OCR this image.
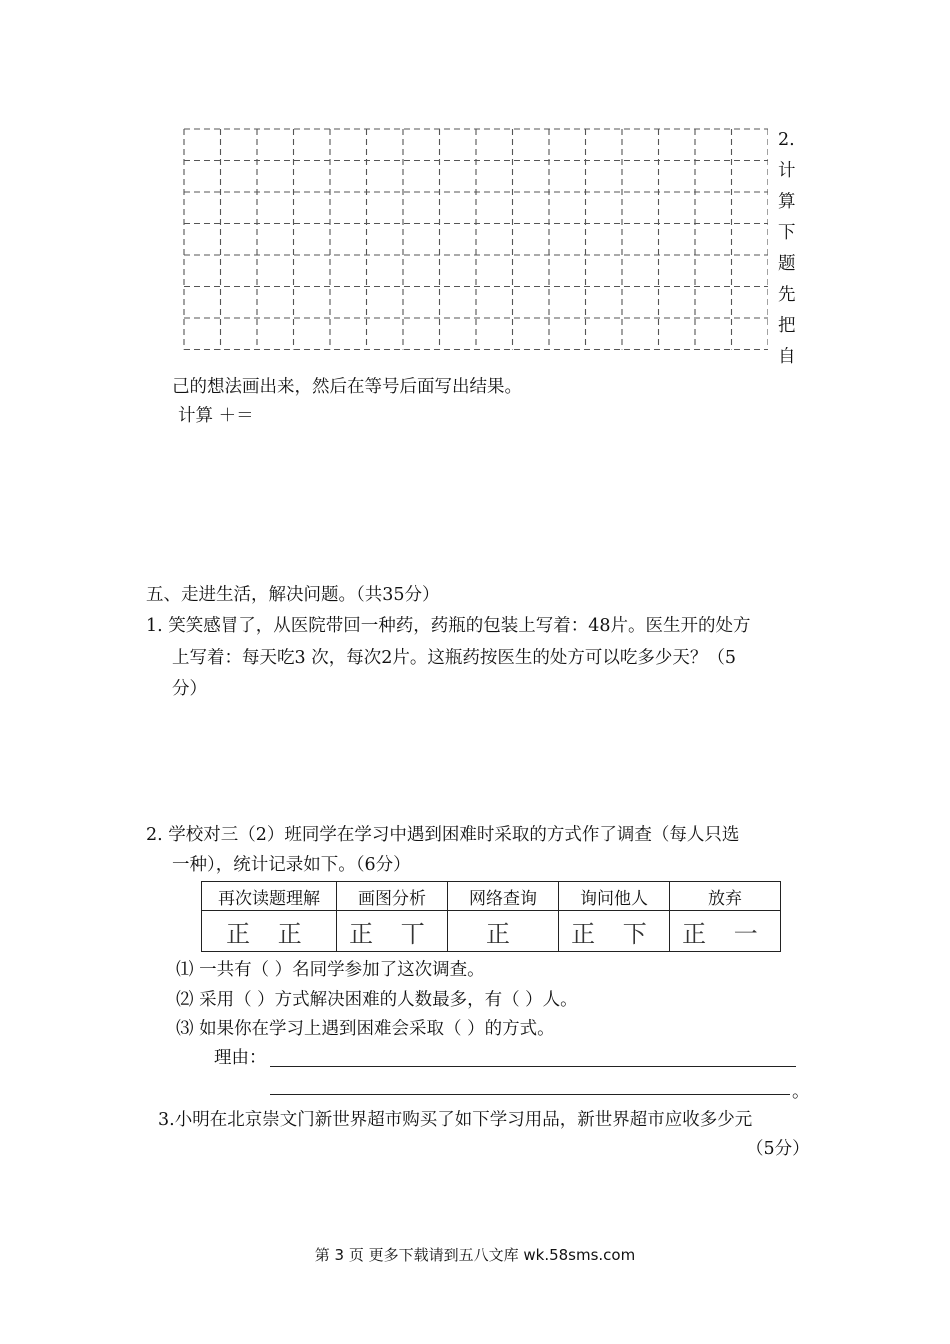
2.
计
算
下
题
先
把
自
己的想法画出来，然后在等号后面写出结果。
计算 ＋＝
五、走进生活，解决问题。（共35分）
1. 笑笑感冒了，从医院带回一种药，药瓶的包装上写着：48片。医生开的处方
上写着：每天吃3 次，每次2片。这瓶药按医生的处方可以吃多少天？（5
分）
2. 学校对三（2）班同学在学习中遇到困难时采取的方式作了调查（每人只选
一种），统计记录如下。（6分）
再次读题理解	画图分析	网络查询	询问他人	放弃
正 正	正 丅	正	正 下	正 一
⑴ 一共有（ ）名同学参加了这次调查。
⑵ 采用（ ）方式解决困难的人数最多，有（ ）人。
⑶ 如果你在学习上遇到困难会采取（ ）的方式。
理由：
。
3.小明在北京崇文门新世界超市购买了如下学习用品，新世界超市应收多少元
（5分）
第 3 页 更多下载请到五八文库 wk.58sms.com
